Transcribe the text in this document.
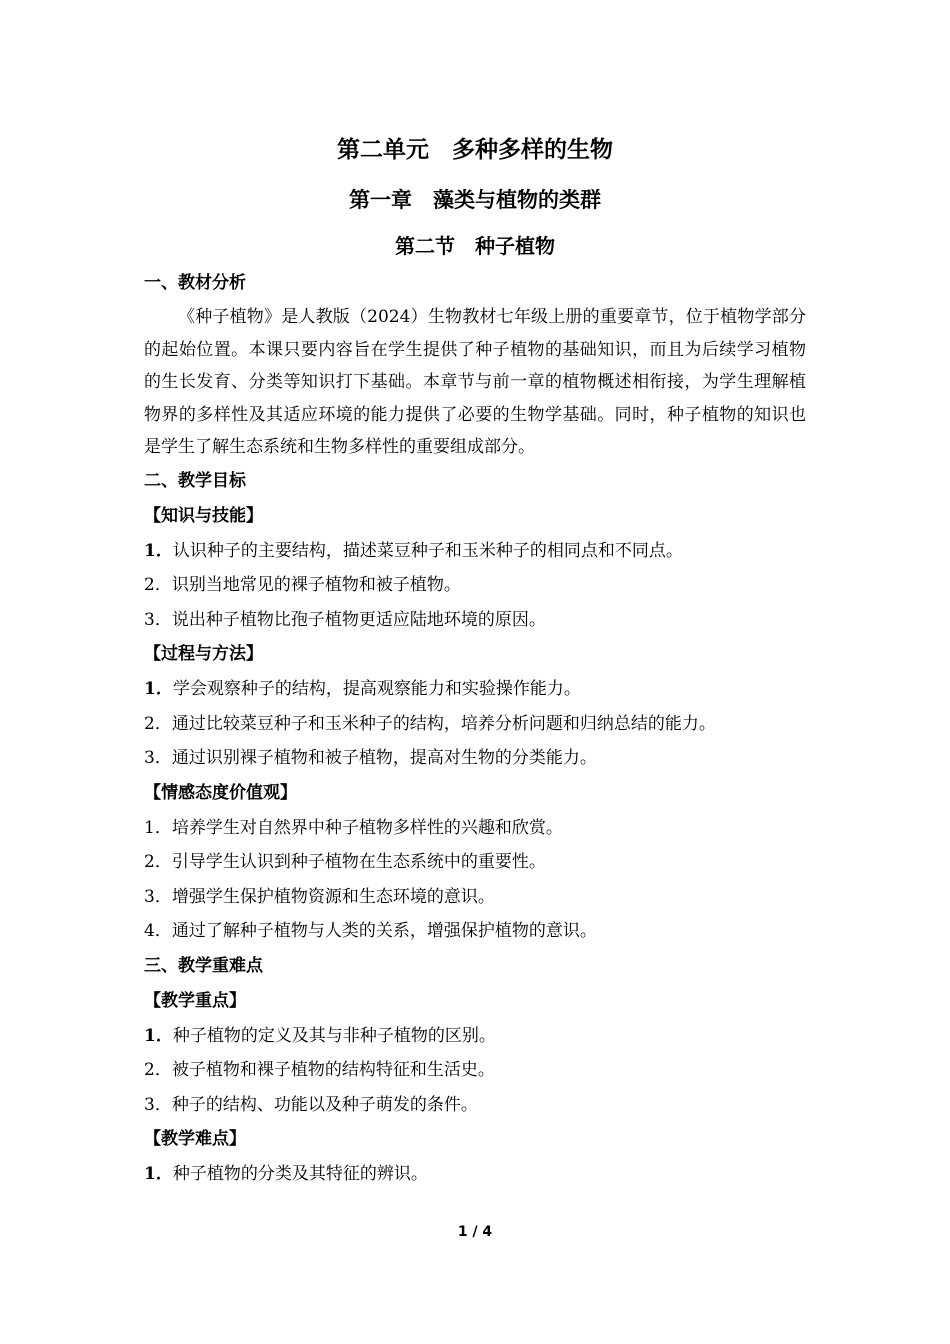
第二单元　多种多样的生物
第一章　藻类与植物的类群
第二节　种子植物
一、教材分析

《种子植物》是人教版（2024）生物教材七年级上册的重要章节，位于植物学部分的起始位置。本课只要内容旨在学生提供了种子植物的基础知识，而且为后续学习植物的生长发育、分类等知识打下基础。本章节与前一章的植物概述相衔接，为学生理解植物界的多样性及其适应环境的能力提供了必要的生物学基础。同时，种子植物的知识也是学生了解生态系统和生物多样性的重要组成部分。

二、教学目标
【知识与技能】
1．认识种子的主要结构，描述菜豆种子和玉米种子的相同点和不同点。
2．识别当地常见的裸子植物和被子植物。
3．说出种子植物比孢子植物更适应陆地环境的原因。
【过程与方法】
1．学会观察种子的结构，提高观察能力和实验操作能力。
2．通过比较菜豆种子和玉米种子的结构，培养分析问题和归纳总结的能力。
3．通过识别裸子植物和被子植物，提高对生物的分类能力。
【情感态度价值观】
1．培养学生对自然界中种子植物多样性的兴趣和欣赏。
2．引导学生认识到种子植物在生态系统中的重要性。
3．增强学生保护植物资源和生态环境的意识。
4．通过了解种子植物与人类的关系，增强保护植物的意识。
三、教学重难点
【教学重点】
1．种子植物的定义及其与非种子植物的区别。
2．被子植物和裸子植物的结构特征和生活史。
3．种子的结构、功能以及种子萌发的条件。
【教学难点】
1．种子植物的分类及其特征的辨识。
1 / 4
